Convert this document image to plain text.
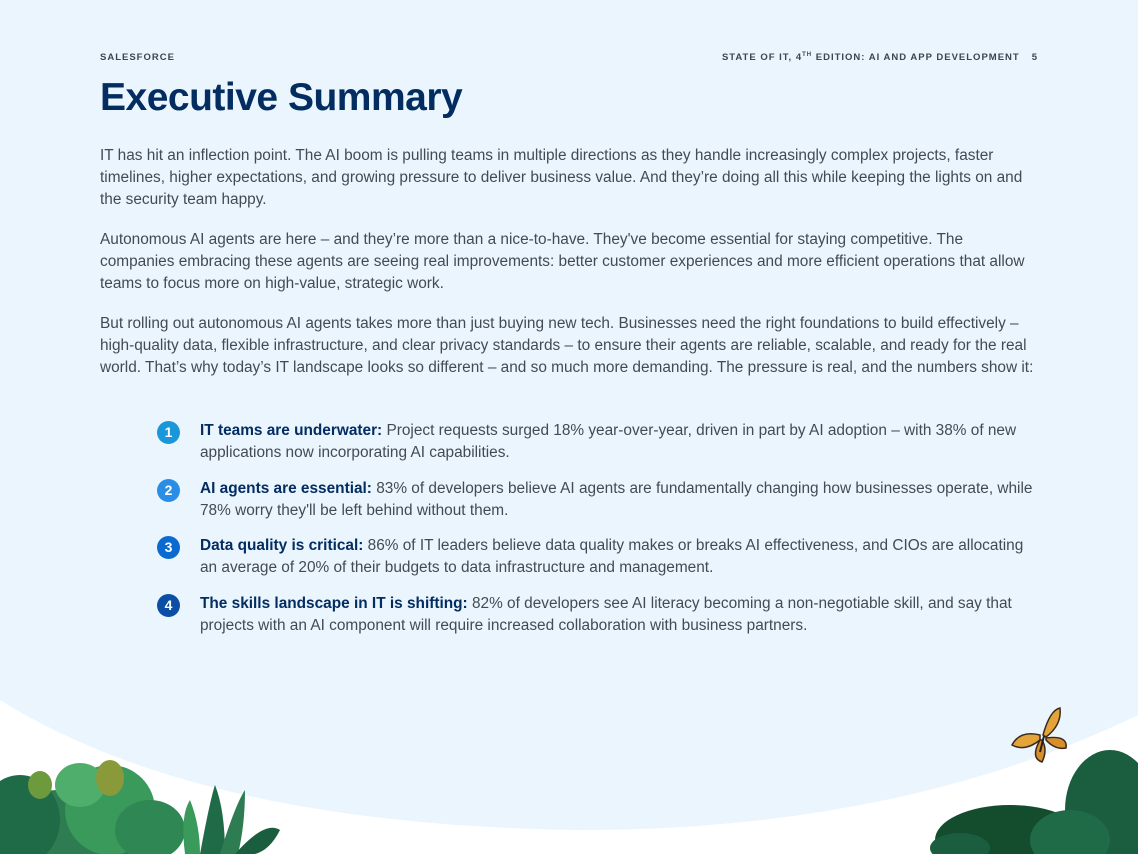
SALESFORCE	STATE OF IT, 4TH EDITION: AI AND APP DEVELOPMENT 5
Executive Summary

IT has hit an inflection point. The AI boom is pulling teams in multiple directions as they handle increasingly complex projects, faster timelines, higher expectations, and growing pressure to deliver business value. And they’re doing all this while keeping the lights on and the security team happy.

Autonomous AI agents are here – and they’re more than a nice-to-have. They've become essential for staying competitive. The companies embracing these agents are seeing real improvements: better customer experiences and more efficient operations that allow teams to focus more on high-value, strategic work.

But rolling out autonomous AI agents takes more than just buying new tech. Businesses need the right foundations to build effectively – high-quality data, flexible infrastructure, and clear privacy standards – to ensure their agents are reliable, scalable, and ready for the real world. That’s why today’s IT landscape looks so different – and so much more demanding. The pressure is real, and the numbers show it:

1	IT teams are underwater: Project requests surged 18% year-over-year, driven in part by AI adoption – with 38% of new applications now incorporating AI capabilities.
2	AI agents are essential: 83% of developers believe AI agents are fundamentally changing how businesses operate, while 78% worry they'll be left behind without them.
3	Data quality is critical: 86% of IT leaders believe data quality makes or breaks AI effectiveness, and CIOs are allocating an average of 20% of their budgets to data infrastructure and management.
4	The skills landscape in IT is shifting: 82% of developers see AI literacy becoming a non-negotiable skill, and say that projects with an AI component will require increased collaboration with business partners.
